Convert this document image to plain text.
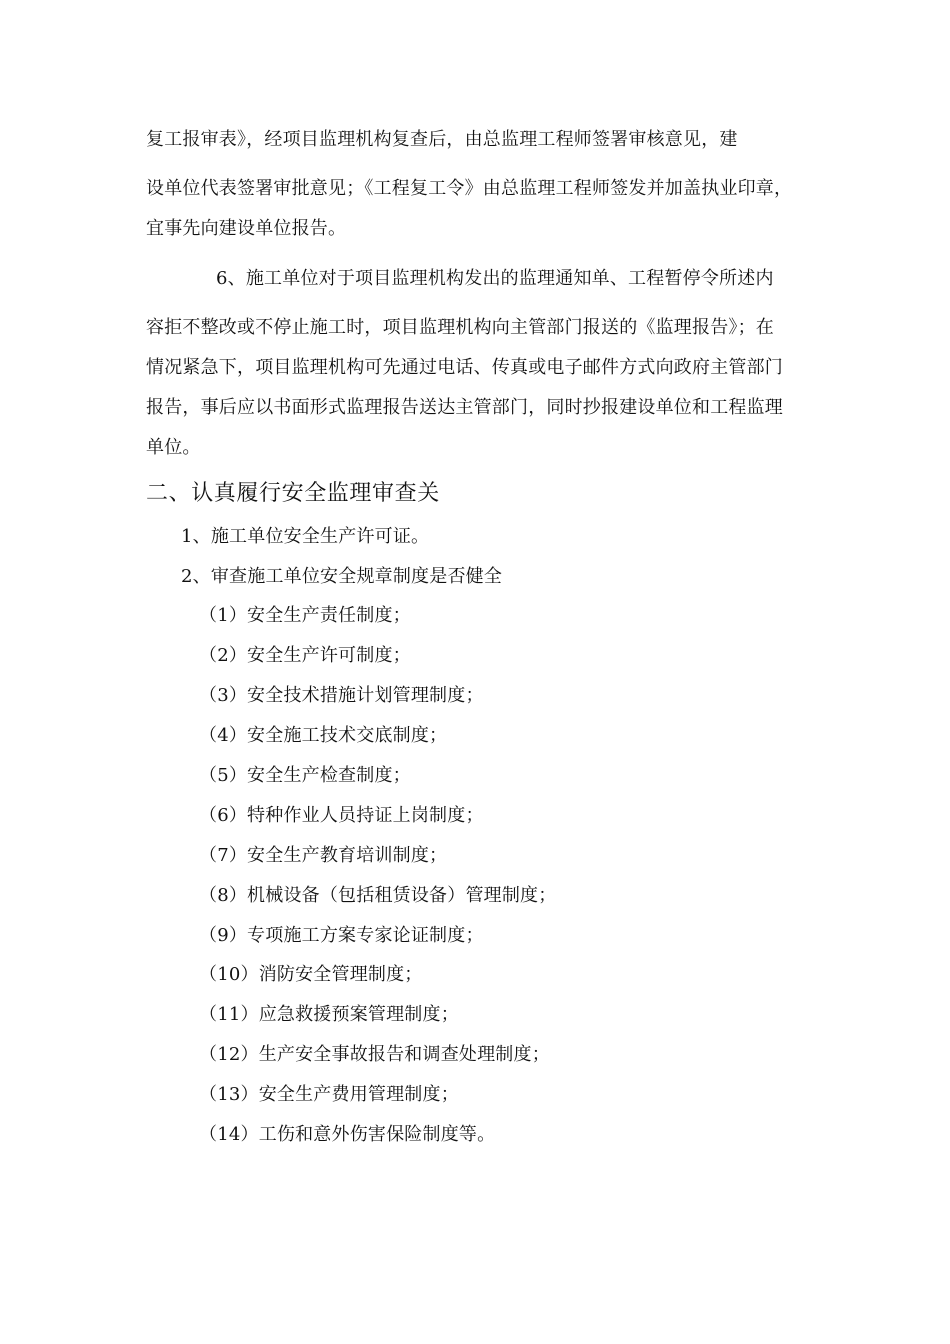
复工报审表》，经项目监理机构复查后，由总监理工程师签署审核意见，建
设单位代表签署审批意见；《工程复工令》由总监理工程师签发并加盖执业印章，
宜事先向建设单位报告。
6、施工单位对于项目监理机构发出的监理通知单、工程暂停令所述内
容拒不整改或不停止施工时，项目监理机构向主管部门报送的《监理报告》；在
情况紧急下，项目监理机构可先通过电话、传真或电子邮件方式向政府主管部门
报告，事后应以书面形式监理报告送达主管部门，同时抄报建设单位和工程监理
单位。
二、认真履行安全监理审查关
1、施工单位安全生产许可证。
2、审查施工单位安全规章制度是否健全
（1）安全生产责任制度；
（2）安全生产许可制度；
（3）安全技术措施计划管理制度；
（4）安全施工技术交底制度；
（5）安全生产检查制度；
（6）特种作业人员持证上岗制度；
（7）安全生产教育培训制度；
（8）机械设备（包括租赁设备）管理制度；
（9）专项施工方案专家论证制度；
（10）消防安全管理制度；
（11）应急救援预案管理制度；
（12）生产安全事故报告和调查处理制度；
（13）安全生产费用管理制度；
（14）工伤和意外伤害保险制度等。
